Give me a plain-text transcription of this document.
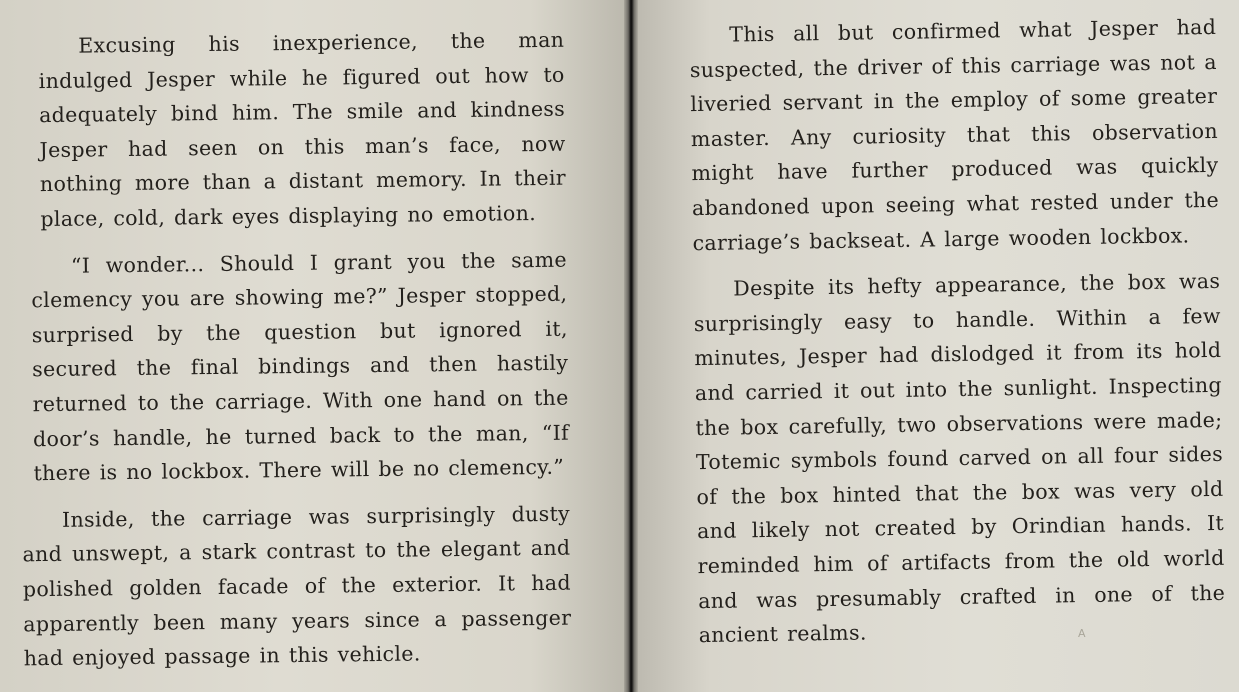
Excusing his inexperience, the man indulged Jesper while he figured out how to adequately bind him. The smile and kindness Jesper had seen on this man’s face, now nothing more than a distant memory. In their place, cold, dark eyes displaying no emotion.

“I wonder... Should I grant you the same clemency you are showing me?” Jesper stopped, surprised by the question but ignored it, secured the final bindings and then hastily returned to the carriage. With one hand on the door’s handle, he turned back to the man, “If there is no lockbox. There will be no clemency.”

Inside, the carriage was surprisingly dusty and unswept, a stark contrast to the elegant and polished golden facade of the exterior. It had apparently been many years since a passenger had enjoyed passage in this vehicle.

This all but confirmed what Jesper had suspected, the driver of this carriage was not a liveried servant in the employ of some greater master. Any curiosity that this observation might have further produced was quickly abandoned upon seeing what rested under the carriage’s backseat. A large wooden lockbox.

Despite its hefty appearance, the box was surprisingly easy to handle. Within a few minutes, Jesper had dislodged it from its hold and carried it out into the sunlight. Inspecting the box carefully, two observations were made; Totemic symbols found carved on all four sides of the box hinted that the box was very old and likely not created by Orindian hands. It reminded him of artifacts from the old world and was presumably crafted in one of the ancient realms.	A
